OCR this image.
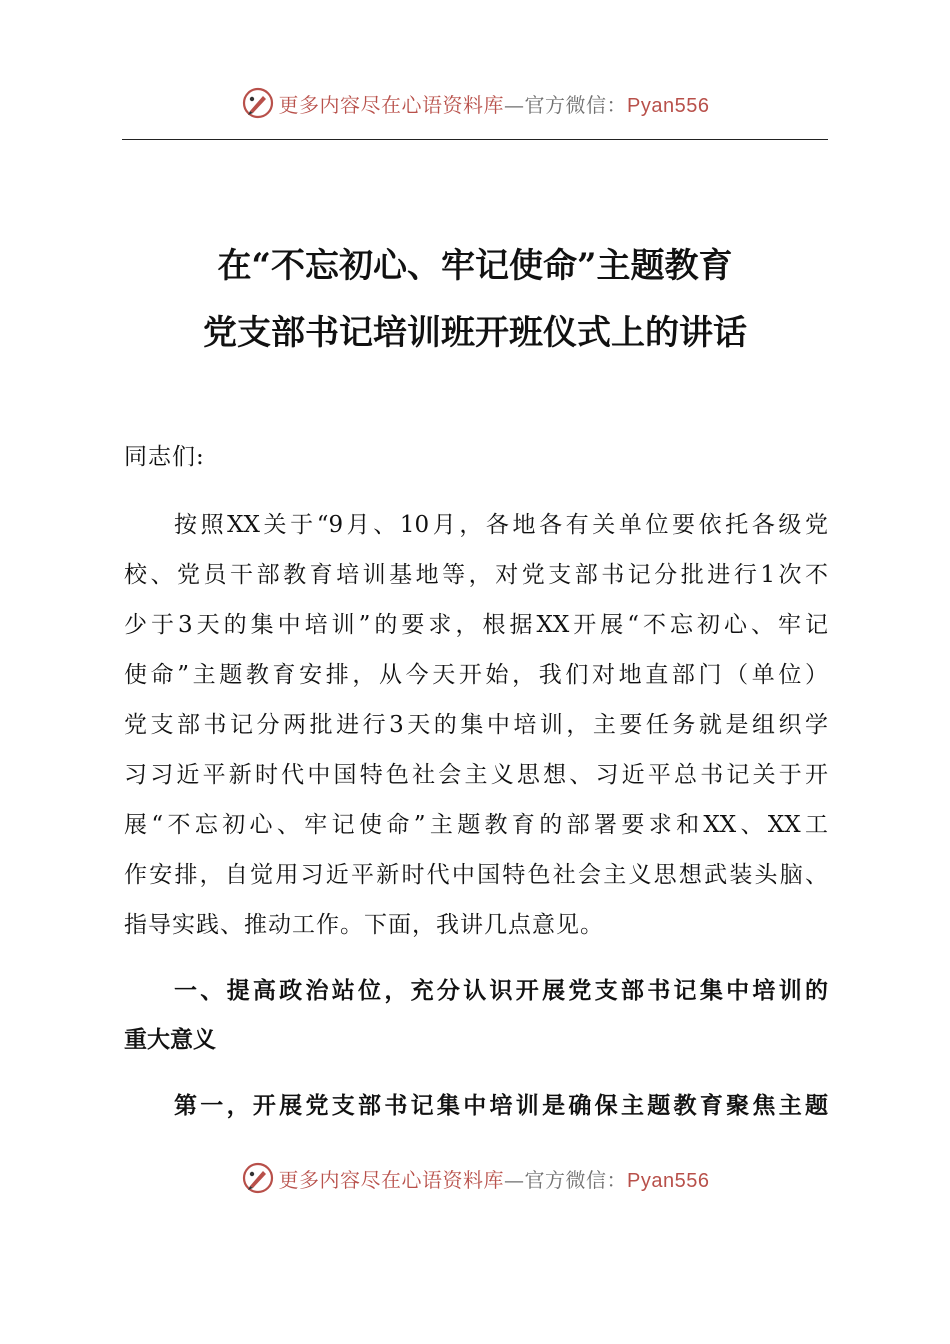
更多内容尽在心语资料库—官方微信：Pyan556
在“不忘初心、牢记使命”主题教育
党支部书记培训班开班仪式上的讲话
同志们:
按照XX关于“9月、10月，各地各有关单位要依托各级党
校、党员干部教育培训基地等，对党支部书记分批进行1次不
少于3天的集中培训”的要求，根据XX开展“不忘初心、牢记
使命”主题教育安排，从今天开始，我们对地直部门（单位）
党支部书记分两批进行3天的集中培训，主要任务就是组织学
习习近平新时代中国特色社会主义思想、习近平总书记关于开
展“不忘初心、牢记使命”主题教育的部署要求和XX、XX工
作安排，自觉用习近平新时代中国特色社会主义思想武装头脑、
指导实践、推动工作。下面，我讲几点意见。
一、提高政治站位，充分认识开展党支部书记集中培训的
重大意义
第一，开展党支部书记集中培训是确保主题教育聚焦主题
更多内容尽在心语资料库—官方微信：Pyan556
